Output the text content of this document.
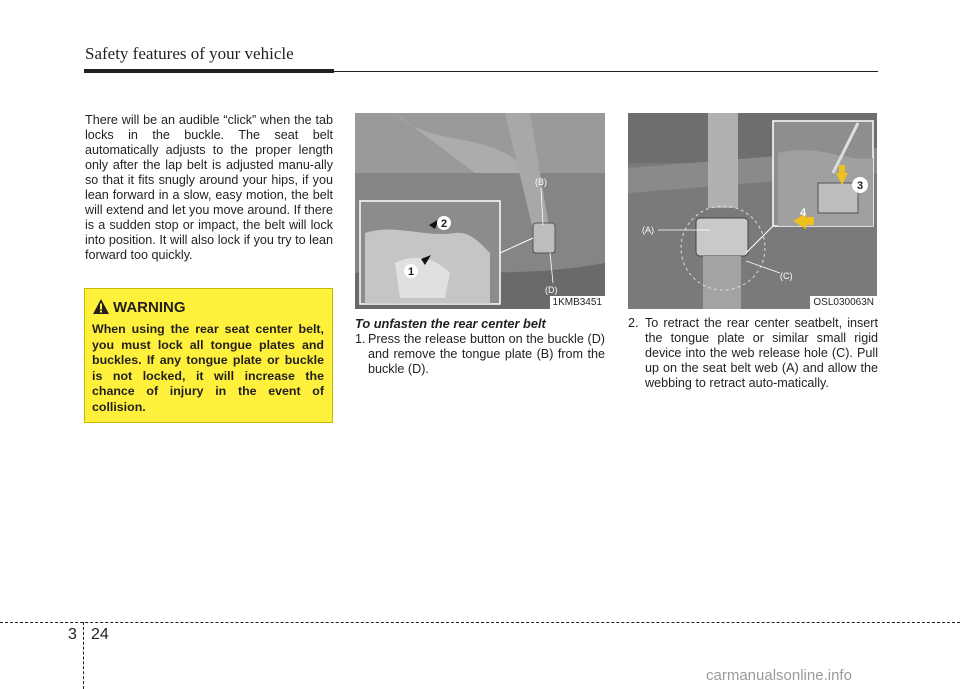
Safety features of your vehicle
There will be an audible “click” when the tab locks in the buckle. The seat belt automatically adjusts to the proper length only after the lap belt is adjusted manu-ally so that it fits snugly around your hips, if you lean forward in a slow, easy motion, the belt will extend and let you move around. If there is a sudden stop or impact, the belt will lock into position. It will also lock if you try to lean forward too quickly.
WARNING
When using the rear seat center belt, you must lock all tongue plates and buckles. If any tongue plate or buckle is not locked, it will increase the chance of injury in the event of collision.
1
2
(B)
(D)
1KMB3451
3
4
(A)
(C)
OSL030063N
To unfasten the rear center belt
1. Press the release button on the buckle (D) and remove the tongue plate (B) from the buckle (D).
2. To retract the rear center seatbelt, insert the tongue plate or similar small rigid device into the web release hole (C). Pull up on the seat belt web (A) and allow the webbing to retract auto-matically.
3 24
carmanualsonline.info
